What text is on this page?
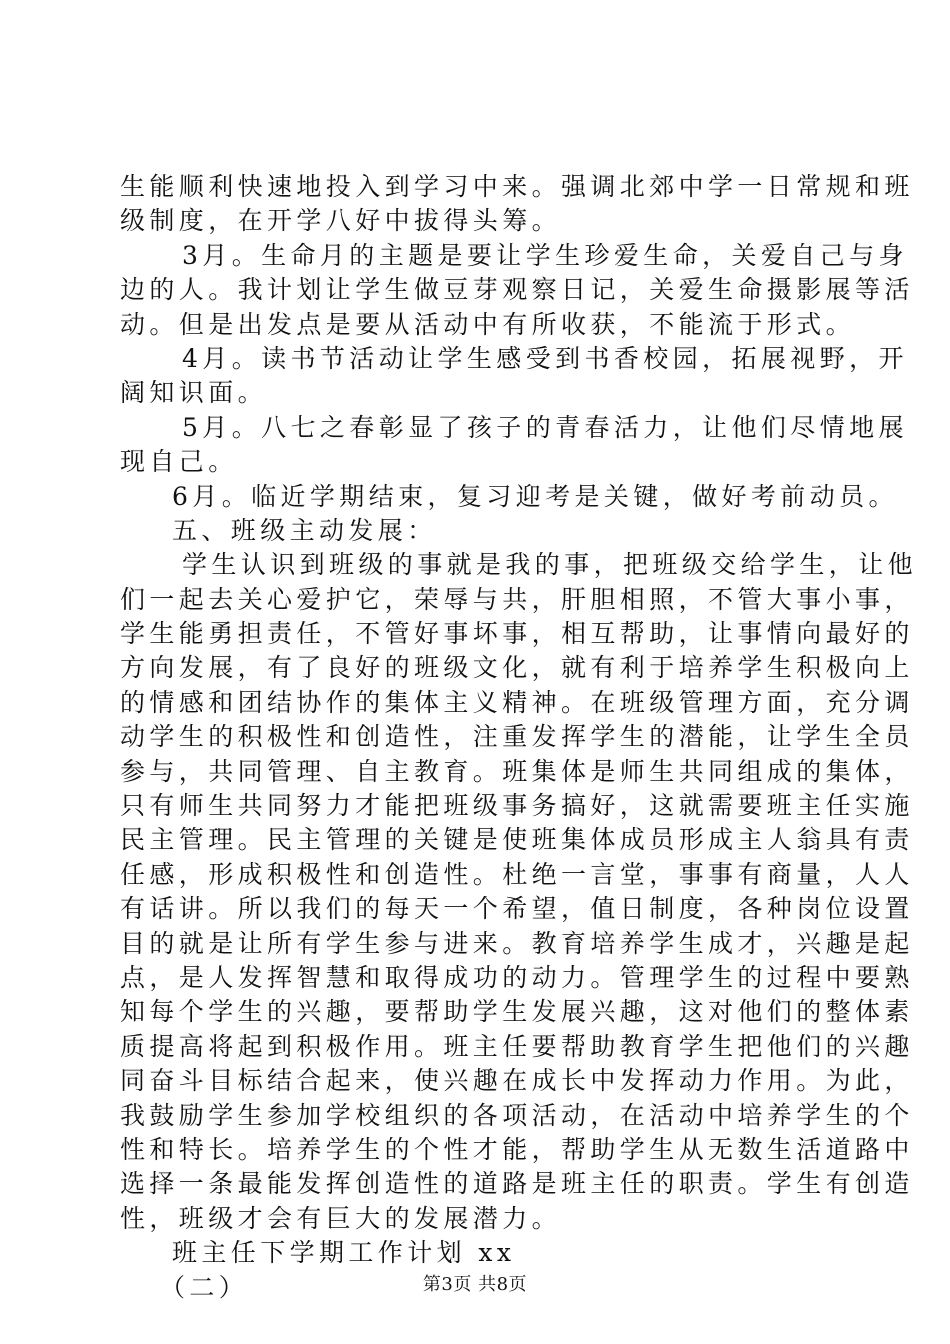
生能顺利快速地投入到学习中来。强调北郊中学一日常规和班
级制度，在开学八好中拔得头筹。
3月。生命月的主题是要让学生珍爱生命，关爱自己与身
边的人。我计划让学生做豆芽观察日记，关爱生命摄影展等活
动。但是出发点是要从活动中有所收获，不能流于形式。
4月。读书节活动让学生感受到书香校园，拓展视野，开
阔知识面。
5月。八七之春彰显了孩子的青春活力，让他们尽情地展
现自己。
6月。临近学期结束，复习迎考是关键，做好考前动员。
五、班级主动发展：
学生认识到班级的事就是我的事，把班级交给学生，让他
们一起去关心爱护它，荣辱与共，肝胆相照，不管大事小事，
学生能勇担责任，不管好事坏事，相互帮助，让事情向最好的
方向发展，有了良好的班级文化，就有利于培养学生积极向上
的情感和团结协作的集体主义精神。在班级管理方面，充分调
动学生的积极性和创造性，注重发挥学生的潜能，让学生全员
参与，共同管理、自主教育。班集体是师生共同组成的集体，
只有师生共同努力才能把班级事务搞好，这就需要班主任实施
民主管理。民主管理的关键是使班集体成员形成主人翁具有责
任感，形成积极性和创造性。杜绝一言堂，事事有商量，人人
有话讲。所以我们的每天一个希望，值日制度，各种岗位设置
目的就是让所有学生参与进来。教育培养学生成才，兴趣是起
点，是人发挥智慧和取得成功的动力。管理学生的过程中要熟
知每个学生的兴趣，要帮助学生发展兴趣，这对他们的整体素
质提高将起到积极作用。班主任要帮助教育学生把他们的兴趣
同奋斗目标结合起来，使兴趣在成长中发挥动力作用。为此，
我鼓励学生参加学校组织的各项活动，在活动中培养学生的个
性和特长。培养学生的个性才能，帮助学生从无数生活道路中
选择一条最能发挥创造性的道路是班主任的职责。学生有创造
性，班级才会有巨大的发展潜力。
班主任下学期工作计划 xx
（二）	第3页 共8页
